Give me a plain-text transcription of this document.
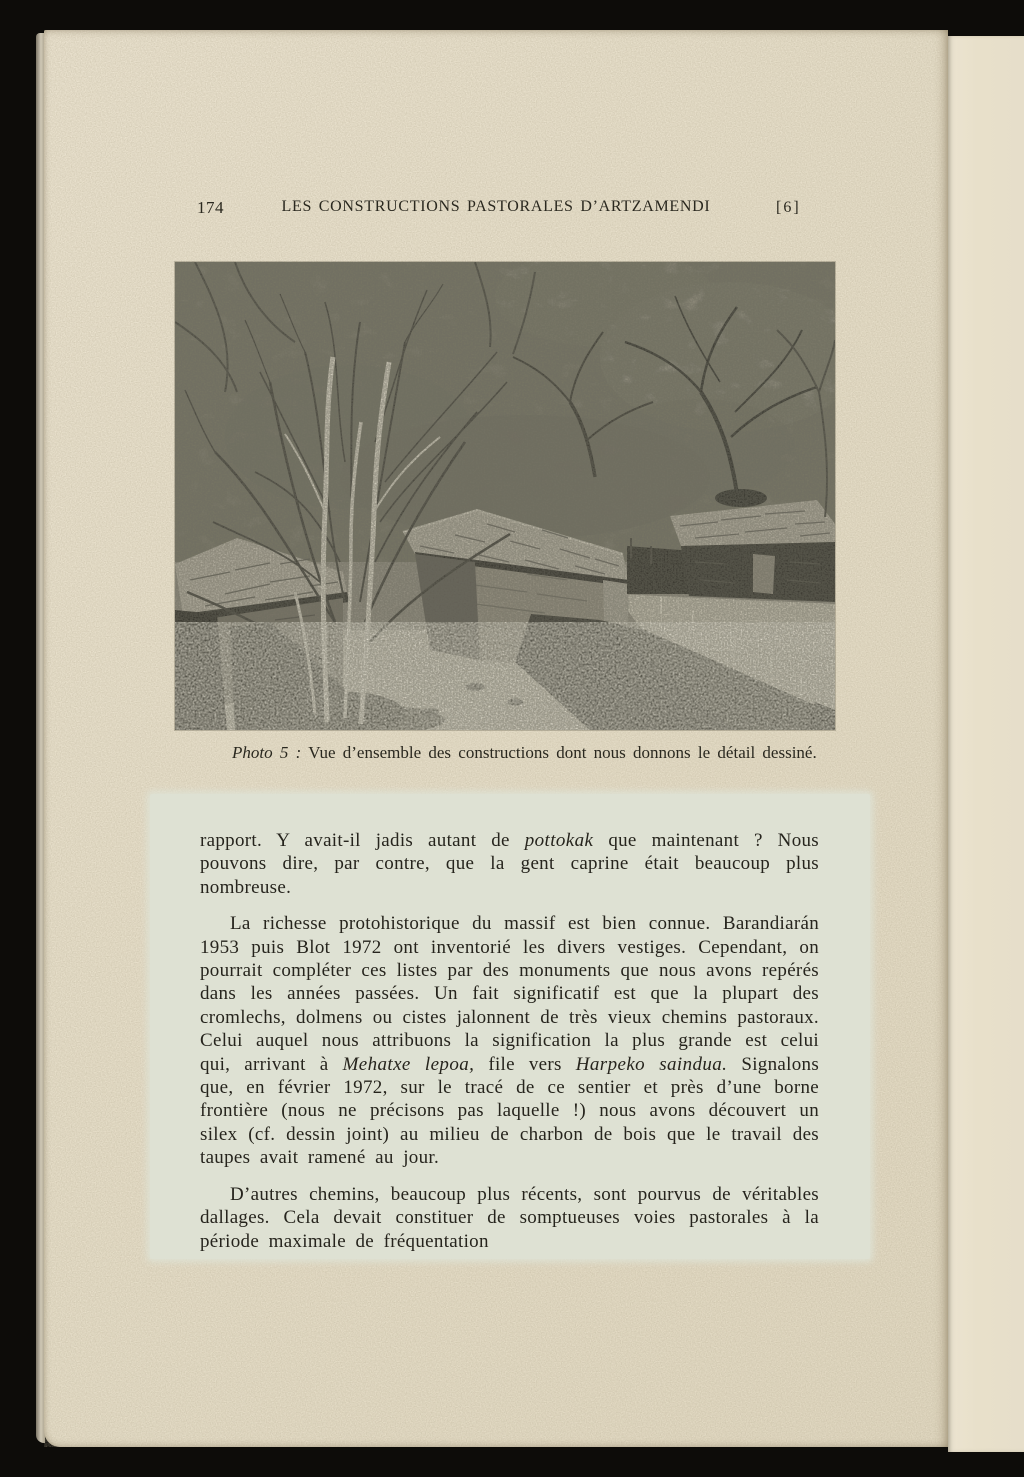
174	LES CONSTRUCTIONS PASTORALES D’ARTZAMENDI	[6]
Photo 5 : Vue d’ensemble des constructions dont nous donnons le détail dessiné.

rapport. Y avait-il jadis autant de pottokak que maintenant ? Nous pouvons dire, par contre, que la gent caprine était beaucoup plus nombreuse.

La richesse protohistorique du massif est bien connue. Barandiarán 1953 puis Blot 1972 ont inventorié les divers vestiges. Cependant, on pourrait compléter ces listes par des monuments que nous avons repérés dans les années passées. Un fait significatif est que la plupart des cromlechs, dolmens ou cistes jalonnent de très vieux chemins pastoraux. Celui auquel nous attribuons la signification la plus grande est celui qui, arrivant à Mehatxe lepoa, file vers Harpeko saindua. Signalons que, en février 1972, sur le tracé de ce sentier et près d’une borne frontière (nous ne précisons pas laquelle !) nous avons découvert un silex (cf. dessin joint) au milieu de charbon de bois que le travail des taupes avait ramené au jour.

D’autres chemins, beaucoup plus récents, sont pourvus de véritables dallages. Cela devait constituer de somptueuses voies pastorales à la période maximale de fréquentation
